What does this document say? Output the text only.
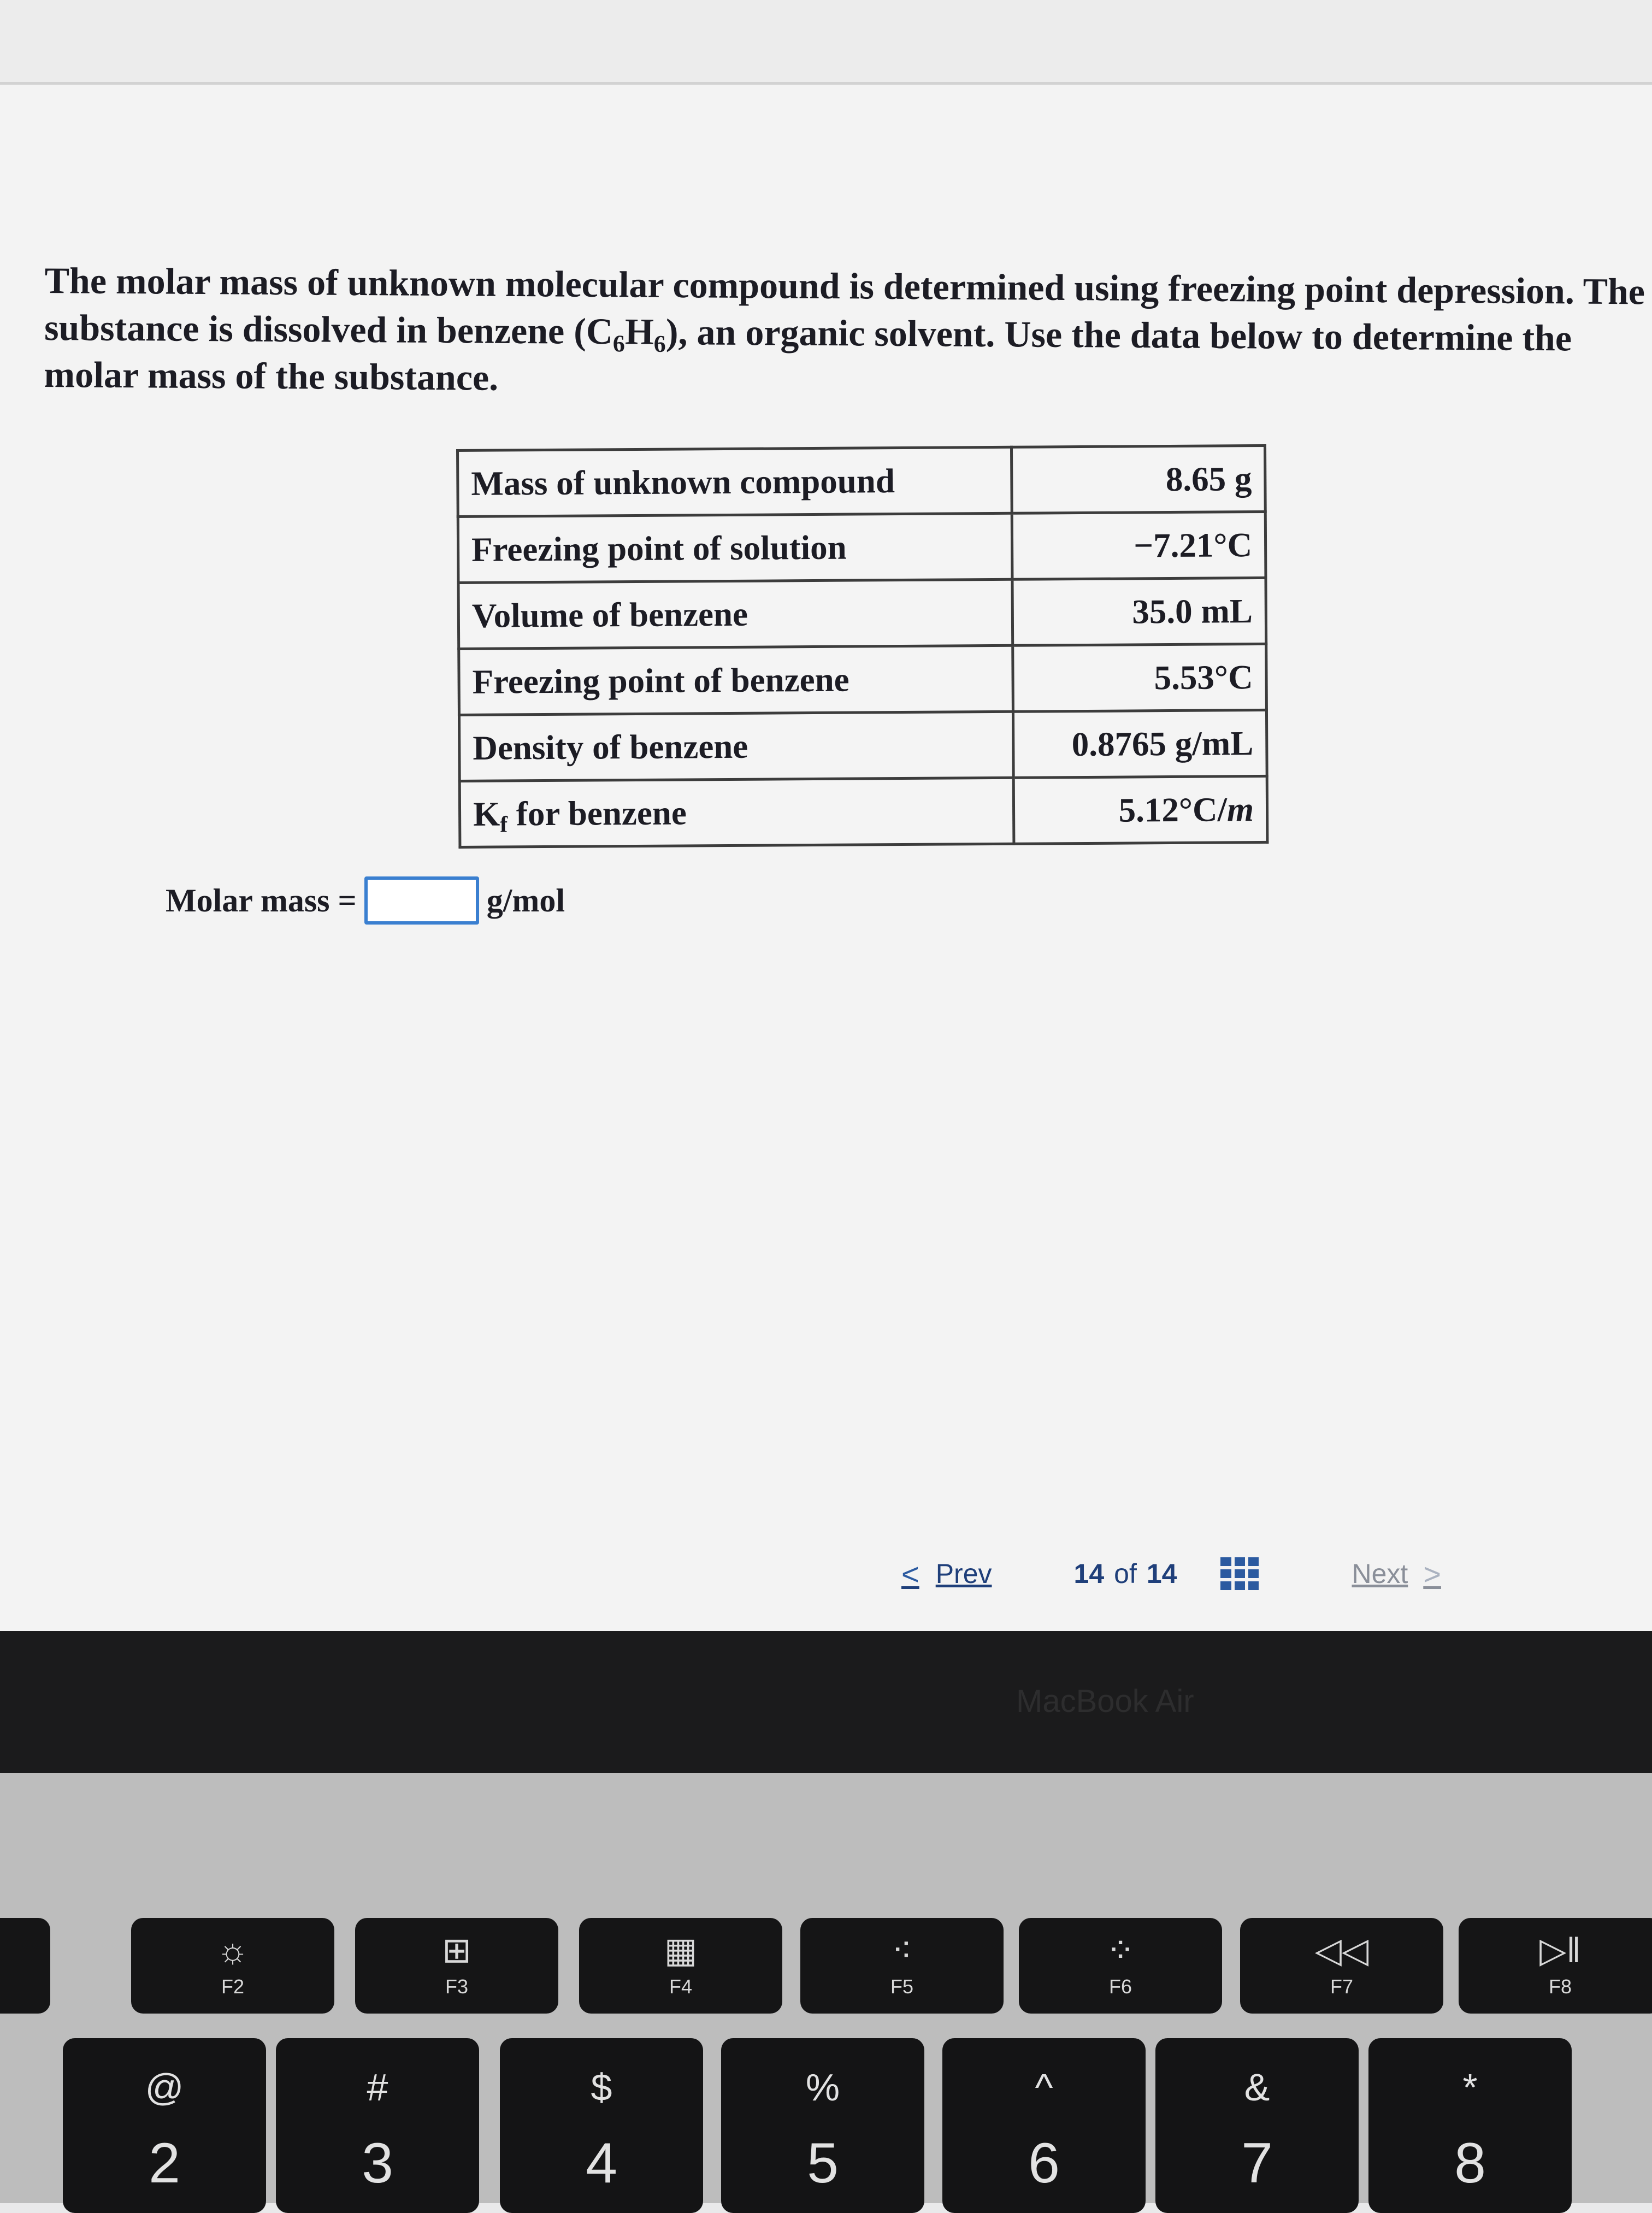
The molar mass of unknown molecular compound is determined using freezing point depression. The substance is dissolved in benzene $(C_6H_6)$, an organic solvent. Use the data below to determine the molar mass of the substance.
Mass of unknown compound	8.65 g
Freezing point of solution	−7.21°C
Volume of benzene	35.0 mL
Freezing point of benzene	5.53°C
Density of benzene	0.8765 g/mL
$K_f$ for benzene	5.12°C/m
Molar mass =	g/mol
< Prev	14 of 14	Next >
MacBook Air
☼
F2
⊞
F3
▦
F4
⁖
F5
⁘
F6
◁◁
F7
▷‖
F8
@
2
#
3
$
4
%
5
^
6
&
7
*
8
